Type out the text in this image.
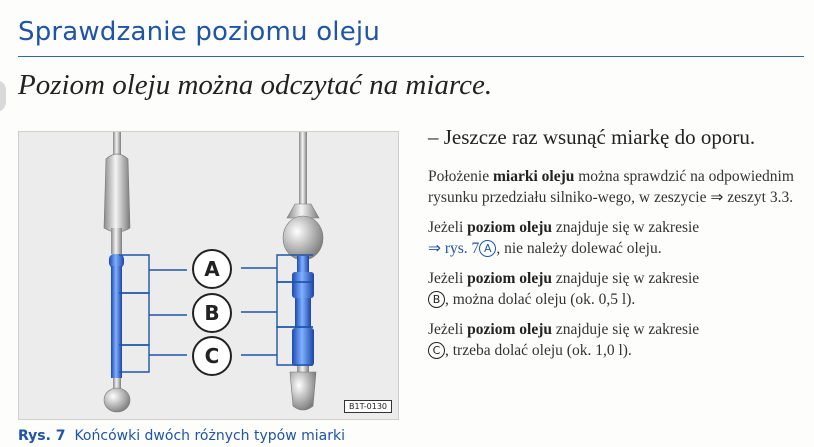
Sprawdzanie poziomu oleju
Poziom oleju można odczytać na miarce.
A
B
C
B1T-0130
Rys. 7 Końcówki dwóch różnych typów miarki

– Jeszcze raz wsunąć miarkę do oporu.

Położenie miarki oleju można sprawdzić na odpowiednim rysunku przedziału silniko-wego, w zeszycie ⇒ zeszyt 3.3.

Jeżeli poziom oleju znajduje się w zakresie
⇒ rys. 7 A , nie należy dolewać oleju.

Jeżeli poziom oleju znajduje się w zakresie
B , można dolać oleju (ok. 0,5 l).

Jeżeli poziom oleju znajduje się w zakresie
C , trzeba dolać oleju (ok. 1,0 l).
